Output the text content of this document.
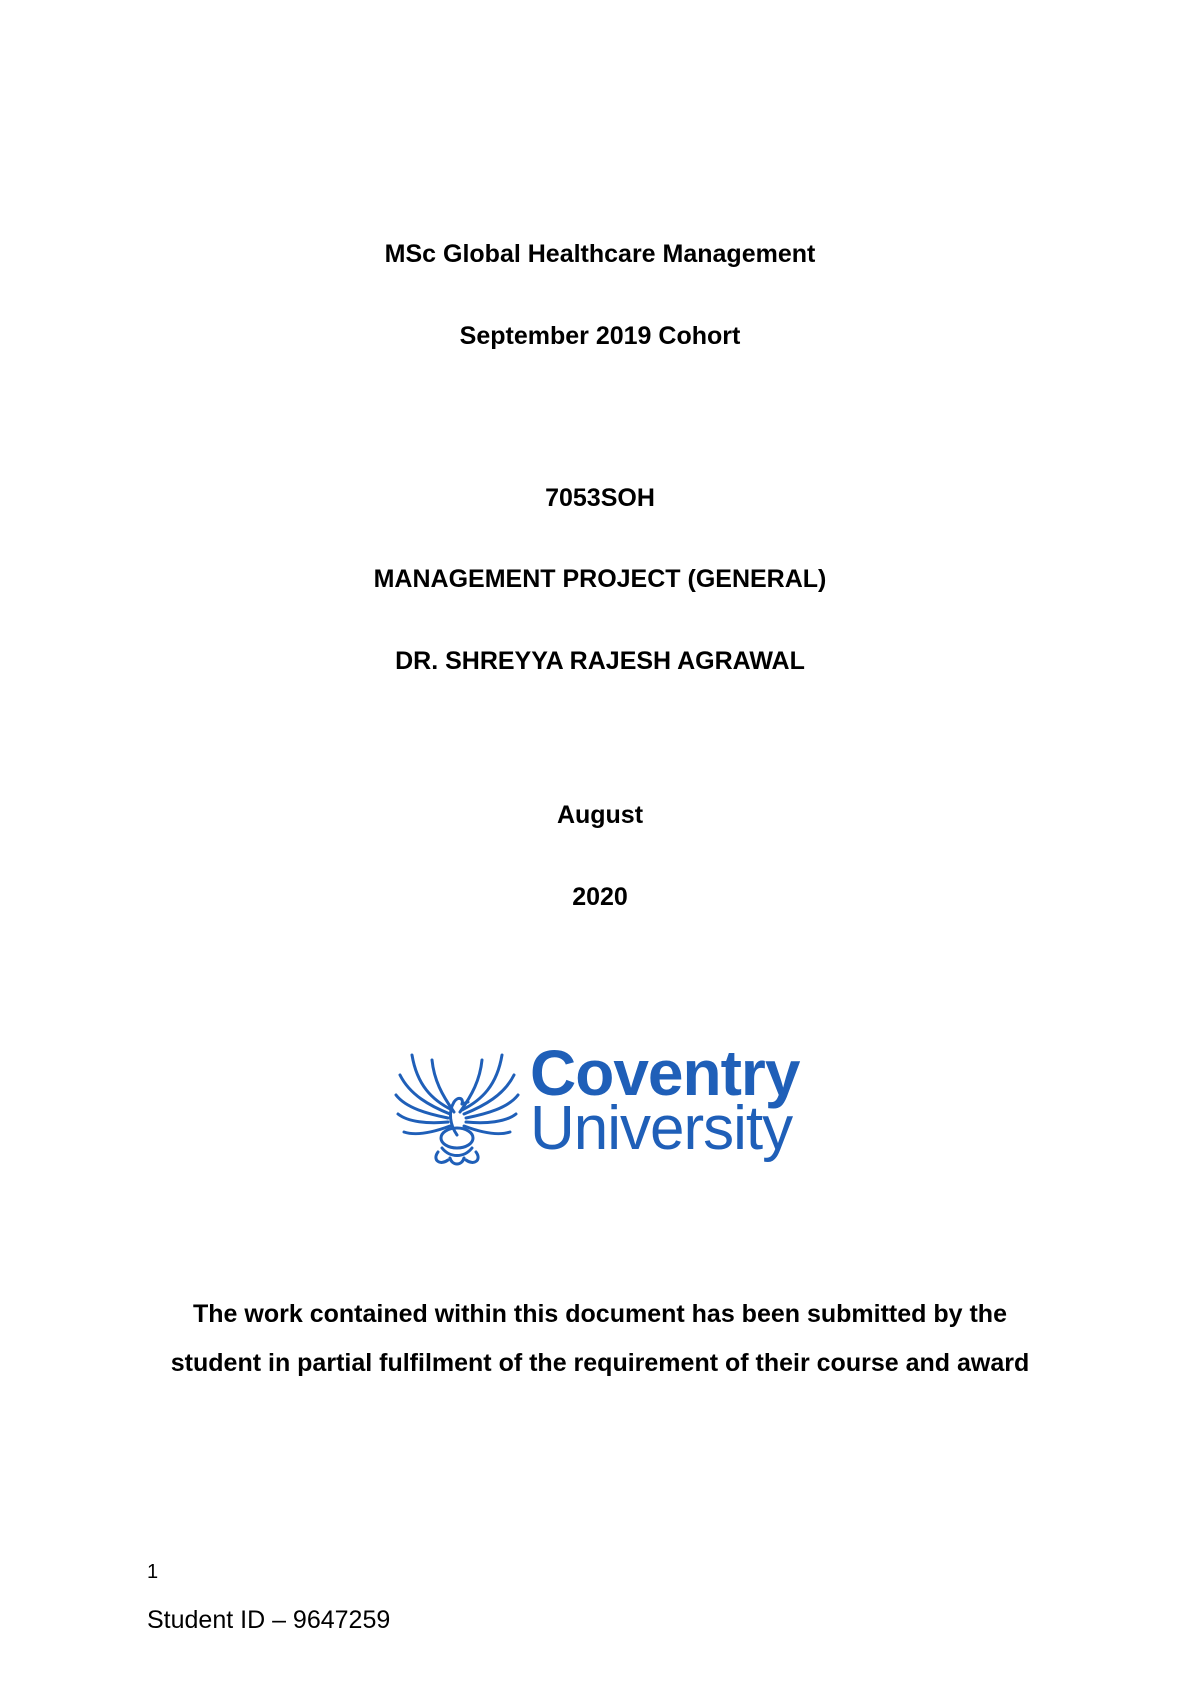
MSc Global Healthcare Management
September 2019 Cohort
7053SOH
MANAGEMENT PROJECT (GENERAL)
DR. SHREYYA RAJESH AGRAWAL
August
2020
Coventry
University
The work contained within this document has been submitted by the student in partial fulfilment of the requirement of their course and award
1
Student ID – 9647259
